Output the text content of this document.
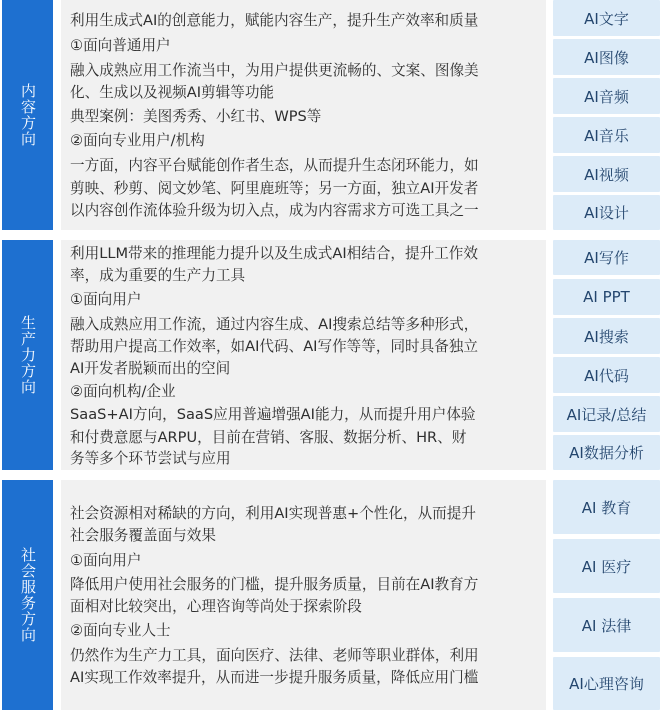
内容方向
利用生成式AI的创意能力，赋能内容生产，提升生产效率和质量
①面向普通用户
融入成熟应用工作流当中，为用户提供更流畅的、文案、图像美
化、生成以及视频AI剪辑等功能
典型案例：美图秀秀、小红书、WPS等
②面向专业用户/机构
一方面，内容平台赋能创作者生态，从而提升生态闭环能力，如
剪映、秒剪、阅文妙笔、阿里鹿班等；另一方面，独立AI开发者
以内容创作流体验升级为切入点，成为内容需求方可选工具之一
AI文字
AI图像
AI音频
AI音乐
AI视频
AI设计
生产力方向
利用LLM带来的推理能力提升以及生成式AI相结合，提升工作效
率，成为重要的生产力工具
①面向用户
融入成熟应用工作流，通过内容生成、AI搜索总结等多种形式，
帮助用户提高工作效率，如AI代码、AI写作等等，同时具备独立
AI开发者脱颖而出的空间
②面向机构/企业
SaaS+AI方向，SaaS应用普遍增强AI能力，从而提升用户体验
和付费意愿与ARPU，目前在营销、客服、数据分析、HR、财
务等多个环节尝试与应用
AI写作
AI PPT
AI搜索
AI代码
AI记录/总结
AI数据分析
社会服务方向
社会资源相对稀缺的方向，利用AI实现普惠+个性化，从而提升
社会服务覆盖面与效果
①面向用户
降低用户使用社会服务的门槛，提升服务质量，目前在AI教育方
面相对比较突出，心理咨询等尚处于探索阶段
②面向专业人士
仍然作为生产力工具，面向医疗、法律、老师等职业群体，利用
AI实现工作效率提升，从而进一步提升服务质量，降低应用门槛
AI 教育
AI 医疗
AI 法律
AI心理咨询
